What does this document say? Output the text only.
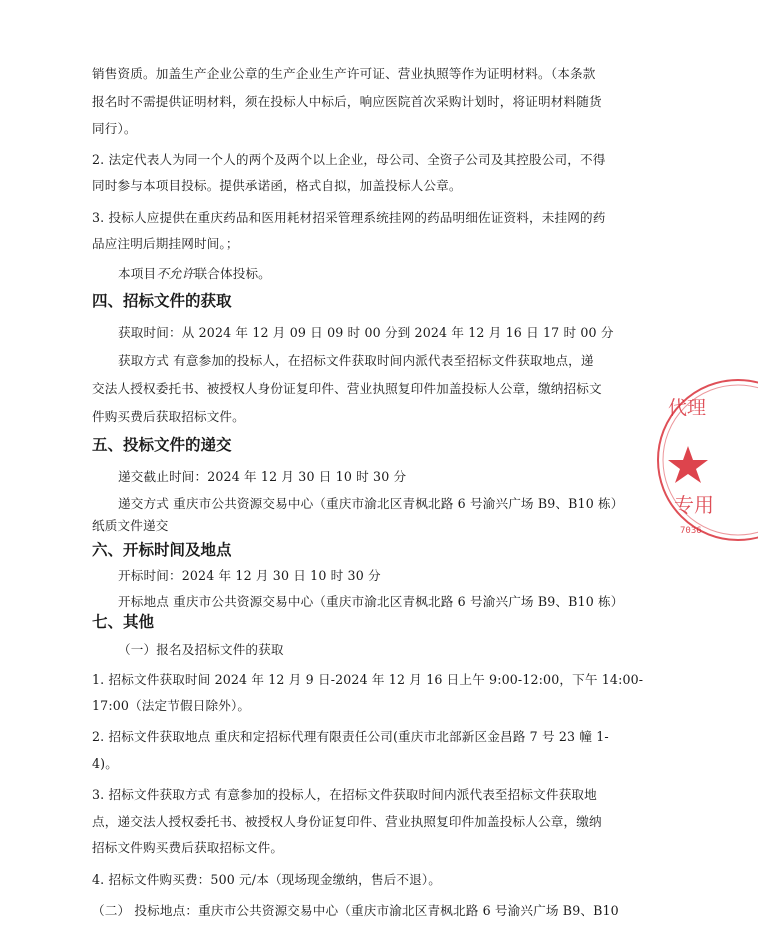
销售资质。加盖生产企业公章的生产企业生产许可证、营业执照等作为证明材料。（本条款
报名时不需提供证明材料，须在投标人中标后，响应医院首次采购计划时，将证明材料随货
同行）。
2. 法定代表人为同一个人的两个及两个以上企业，母公司、全资子公司及其控股公司，不得
同时参与本项目投标。提供承诺函，格式自拟，加盖投标人公章。
3. 投标人应提供在重庆药品和医用耗材招采管理系统挂网的药品明细佐证资料，未挂网的药
品应注明后期挂网时间。；
本项目不允许联合体投标。
四、招标文件的获取
获取时间：从 2024 年 12 月 09 日 09 时 00 分到 2024 年 12 月 16 日 17 时 00 分
获取方式 有意参加的投标人，在招标文件获取时间内派代表至招标文件获取地点，递
交法人授权委托书、被授权人身份证复印件、营业执照复印件加盖投标人公章，缴纳招标文
件购买费后获取招标文件。
五、投标文件的递交
递交截止时间：2024 年 12 月 30 日 10 时 30 分
递交方式 重庆市公共资源交易中心（重庆市渝北区青枫北路 6 号渝兴广场 B9、B10 栋）
纸质文件递交
六、开标时间及地点
开标时间：2024 年 12 月 30 日 10 时 30 分
开标地点 重庆市公共资源交易中心（重庆市渝北区青枫北路 6 号渝兴广场 B9、B10 栋）
七、其他
（一）报名及招标文件的获取
1. 招标文件获取时间 2024 年 12 月 9 日-2024 年 12 月 16 日上午 9:00-12:00，下午 14:00-
17:00（法定节假日除外）。
2. 招标文件获取地点 重庆和定招标代理有限责任公司(重庆市北部新区金昌路 7 号 23 幢 1-
4)。
3. 招标文件获取方式 有意参加的投标人，在招标文件获取时间内派代表至招标文件获取地
点，递交法人授权委托书、被授权人身份证复印件、营业执照复印件加盖投标人公章，缴纳
招标文件购买费后获取招标文件。
4. 招标文件购买费：500 元/本（现场现金缴纳，售后不退）。
（二） 投标地点：重庆市公共资源交易中心（重庆市渝北区青枫北路 6 号渝兴广场 B9、B10
代理
专用
7036
